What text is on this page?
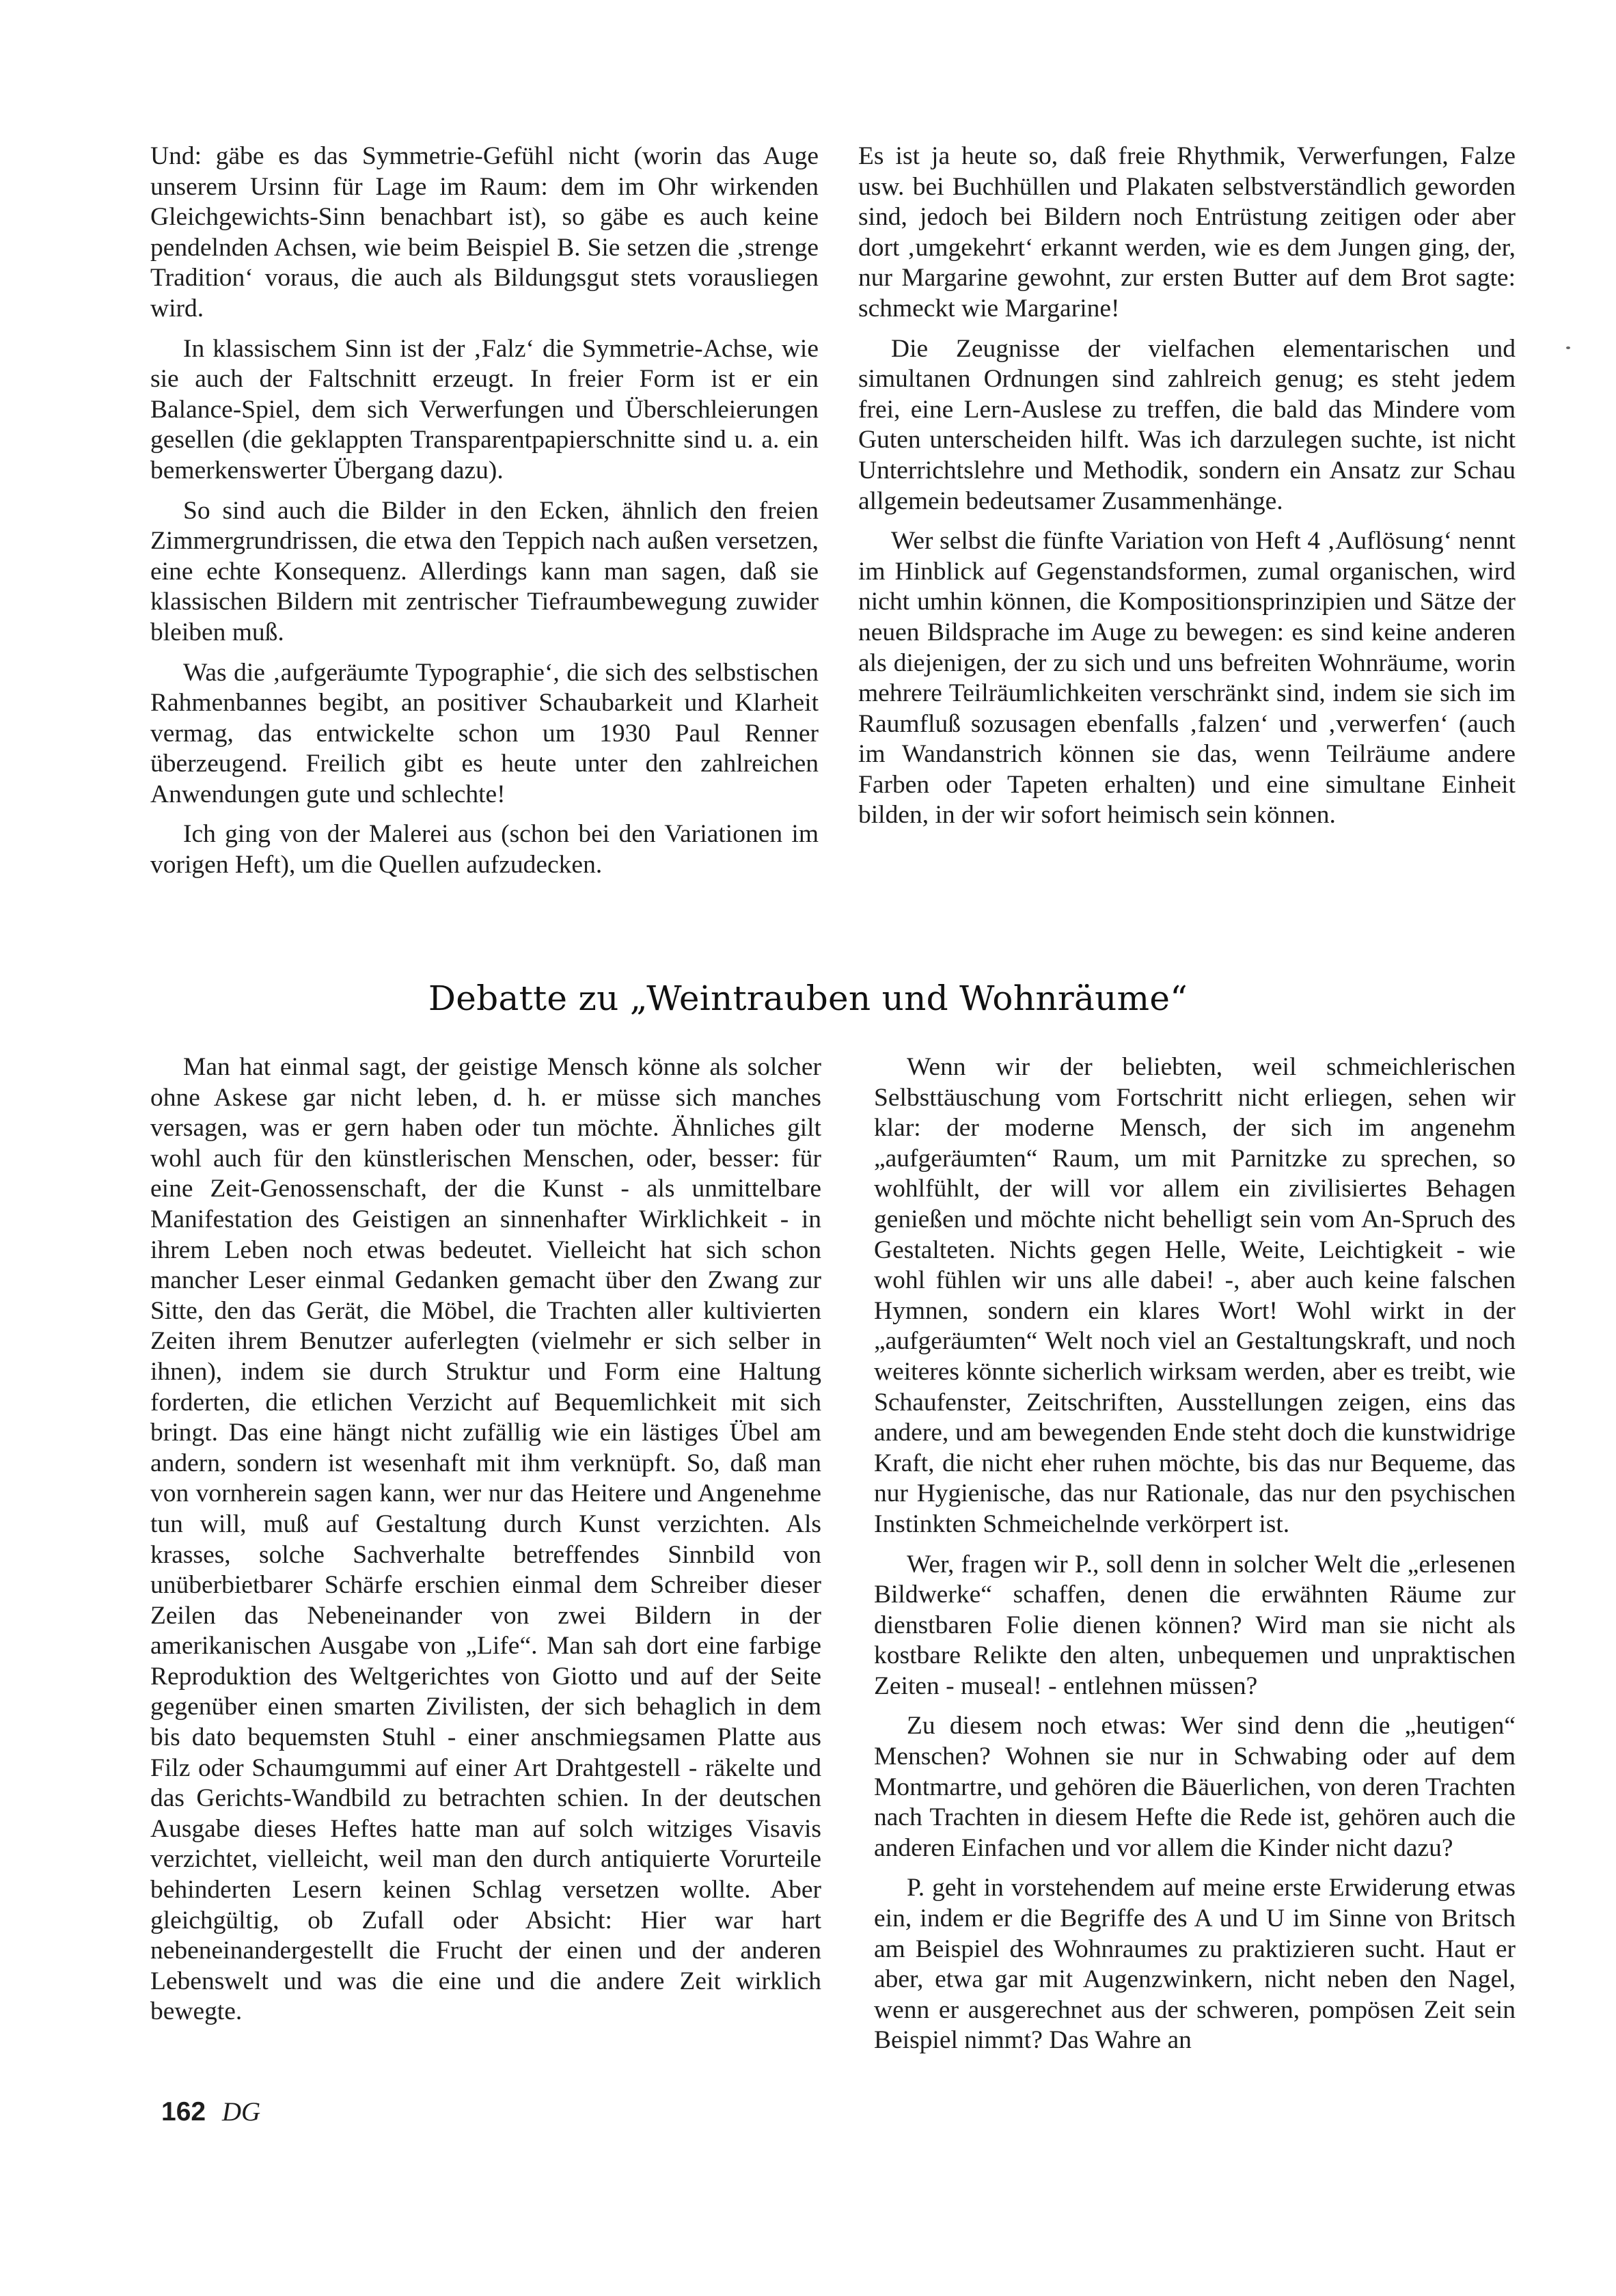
Und: gäbe es das Symmetrie-Gefühl nicht (worin das Auge unserem Ursinn für Lage im Raum: dem im Ohr wirkenden Gleichgewichts-Sinn benachbart ist), so gäbe es auch keine pendelnden Achsen, wie beim Beispiel B. Sie setzen die ‚strenge Tradition‘ voraus, die auch als Bildungsgut stets vorausliegen wird.

In klassischem Sinn ist der ‚Falz‘ die Symmetrie-Achse, wie sie auch der Faltschnitt erzeugt. In freier Form ist er ein Balance-Spiel, dem sich Verwerfungen und Überschleierungen gesellen (die geklappten Transparentpapierschnitte sind u. a. ein bemerkenswerter Übergang dazu).

So sind auch die Bilder in den Ecken, ähnlich den freien Zimmergrundrissen, die etwa den Teppich nach außen versetzen, eine echte Konsequenz. Allerdings kann man sagen, daß sie klassischen Bildern mit zentrischer Tiefraumbewegung zuwider bleiben muß.

Was die ‚aufgeräumte Typographie‘, die sich des selbstischen Rahmenbannes begibt, an positiver Schaubarkeit und Klarheit vermag, das entwickelte schon um 1930 Paul Renner überzeugend. Freilich gibt es heute unter den zahlreichen Anwendungen gute und schlechte!

Ich ging von der Malerei aus (schon bei den Variationen im vorigen Heft), um die Quellen aufzudecken.

Es ist ja heute so, daß freie Rhythmik, Verwerfungen, Falze usw. bei Buchhüllen und Plakaten selbstverständlich geworden sind, jedoch bei Bildern noch Entrüstung zeitigen oder aber dort ‚umgekehrt‘ erkannt werden, wie es dem Jungen ging, der, nur Margarine gewohnt, zur ersten Butter auf dem Brot sagte: schmeckt wie Margarine!

Die Zeugnisse der vielfachen elementarischen und simultanen Ordnungen sind zahlreich genug; es steht jedem frei, eine Lern-Auslese zu treffen, die bald das Mindere vom Guten unterscheiden hilft. Was ich darzulegen suchte, ist nicht Unterrichtslehre und Methodik, sondern ein Ansatz zur Schau allgemein bedeutsamer Zusammenhänge.

Wer selbst die fünfte Variation von Heft 4 ‚Auflösung‘ nennt im Hinblick auf Gegenstandsformen, zumal organischen, wird nicht umhin können, die Kompositionsprinzipien und Sätze der neuen Bildsprache im Auge zu bewegen: es sind keine anderen als diejenigen, der zu sich und uns befreiten Wohnräume, worin mehrere Teilräumlichkeiten verschränkt sind, indem sie sich im Raumfluß sozusagen ebenfalls ‚falzen‘ und ‚verwerfen‘ (auch im Wandanstrich können sie das, wenn Teilräume andere Farben oder Tapeten erhalten) und eine simultane Einheit bilden, in der wir sofort heimisch sein können.

Debatte zu „Weintrauben und Wohnräume“

Man hat einmal sagt, der geistige Mensch könne als solcher ohne Askese gar nicht leben, d. h. er müsse sich manches versagen, was er gern haben oder tun möchte. Ähnliches gilt wohl auch für den künstlerischen Menschen, oder, besser: für eine Zeit-Genossenschaft, der die Kunst - als unmittelbare Manifestation des Geistigen an sinnenhafter Wirklichkeit - in ihrem Leben noch etwas bedeutet. Vielleicht hat sich schon mancher Leser einmal Gedanken gemacht über den Zwang zur Sitte, den das Gerät, die Möbel, die Trachten aller kultivierten Zeiten ihrem Benutzer auferlegten (vielmehr er sich selber in ihnen), indem sie durch Struktur und Form eine Haltung forderten, die etlichen Verzicht auf Bequemlichkeit mit sich bringt. Das eine hängt nicht zufällig wie ein lästiges Übel am andern, sondern ist wesenhaft mit ihm verknüpft. So, daß man von vornherein sagen kann, wer nur das Heitere und Angenehme tun will, muß auf Gestaltung durch Kunst verzichten. Als krasses, solche Sachverhalte betreffendes Sinnbild von unüberbietbarer Schärfe erschien einmal dem Schreiber dieser Zeilen das Nebeneinander von zwei Bildern in der amerikanischen Ausgabe von „Life“. Man sah dort eine farbige Reproduktion des Weltgerichtes von Giotto und auf der Seite gegenüber einen smarten Zivilisten, der sich behaglich in dem bis dato bequemsten Stuhl - einer anschmiegsamen Platte aus Filz oder Schaumgummi auf einer Art Drahtgestell - räkelte und das Gerichts-Wandbild zu betrachten schien. In der deutschen Ausgabe dieses Heftes hatte man auf solch witziges Visavis verzichtet, vielleicht, weil man den durch antiquierte Vorurteile behinderten Lesern keinen Schlag versetzen wollte. Aber gleichgültig, ob Zufall oder Absicht: Hier war hart nebeneinandergestellt die Frucht der einen und der anderen Lebenswelt und was die eine und die andere Zeit wirklich bewegte.

Wenn wir der beliebten, weil schmeichlerischen Selbsttäuschung vom Fortschritt nicht erliegen, sehen wir klar: der moderne Mensch, der sich im angenehm „aufgeräumten“ Raum, um mit Parnitzke zu sprechen, so wohlfühlt, der will vor allem ein zivilisiertes Behagen genießen und möchte nicht behelligt sein vom An-Spruch des Gestalteten. Nichts gegen Helle, Weite, Leichtigkeit - wie wohl fühlen wir uns alle dabei! -, aber auch keine falschen Hymnen, sondern ein klares Wort! Wohl wirkt in der „aufgeräumten“ Welt noch viel an Gestaltungskraft, und noch weiteres könnte sicherlich wirksam werden, aber es treibt, wie Schaufenster, Zeitschriften, Ausstellungen zeigen, eins das andere, und am bewegenden Ende steht doch die kunstwidrige Kraft, die nicht eher ruhen möchte, bis das nur Bequeme, das nur Hygienische, das nur Rationale, das nur den psychischen Instinkten Schmeichelnde verkörpert ist.

Wer, fragen wir P., soll denn in solcher Welt die „erlesenen Bildwerke“ schaffen, denen die erwähnten Räume zur dienstbaren Folie dienen können? Wird man sie nicht als kostbare Relikte den alten, unbequemen und unpraktischen Zeiten - museal! - entlehnen müssen?

Zu diesem noch etwas: Wer sind denn die „heutigen“ Menschen? Wohnen sie nur in Schwabing oder auf dem Montmartre, und gehören die Bäuerlichen, von deren Trachten nach Trachten in diesem Hefte die Rede ist, gehören auch die anderen Einfachen und vor allem die Kinder nicht dazu?

P. geht in vorstehendem auf meine erste Erwiderung etwas ein, indem er die Begriffe des A und U im Sinne von Britsch am Beispiel des Wohnraumes zu praktizieren sucht. Haut er aber, etwa gar mit Augenzwinkern, nicht neben den Nagel, wenn er ausgerechnet aus der schweren, pompösen Zeit sein Beispiel nimmt? Das Wahre an

162 DG
